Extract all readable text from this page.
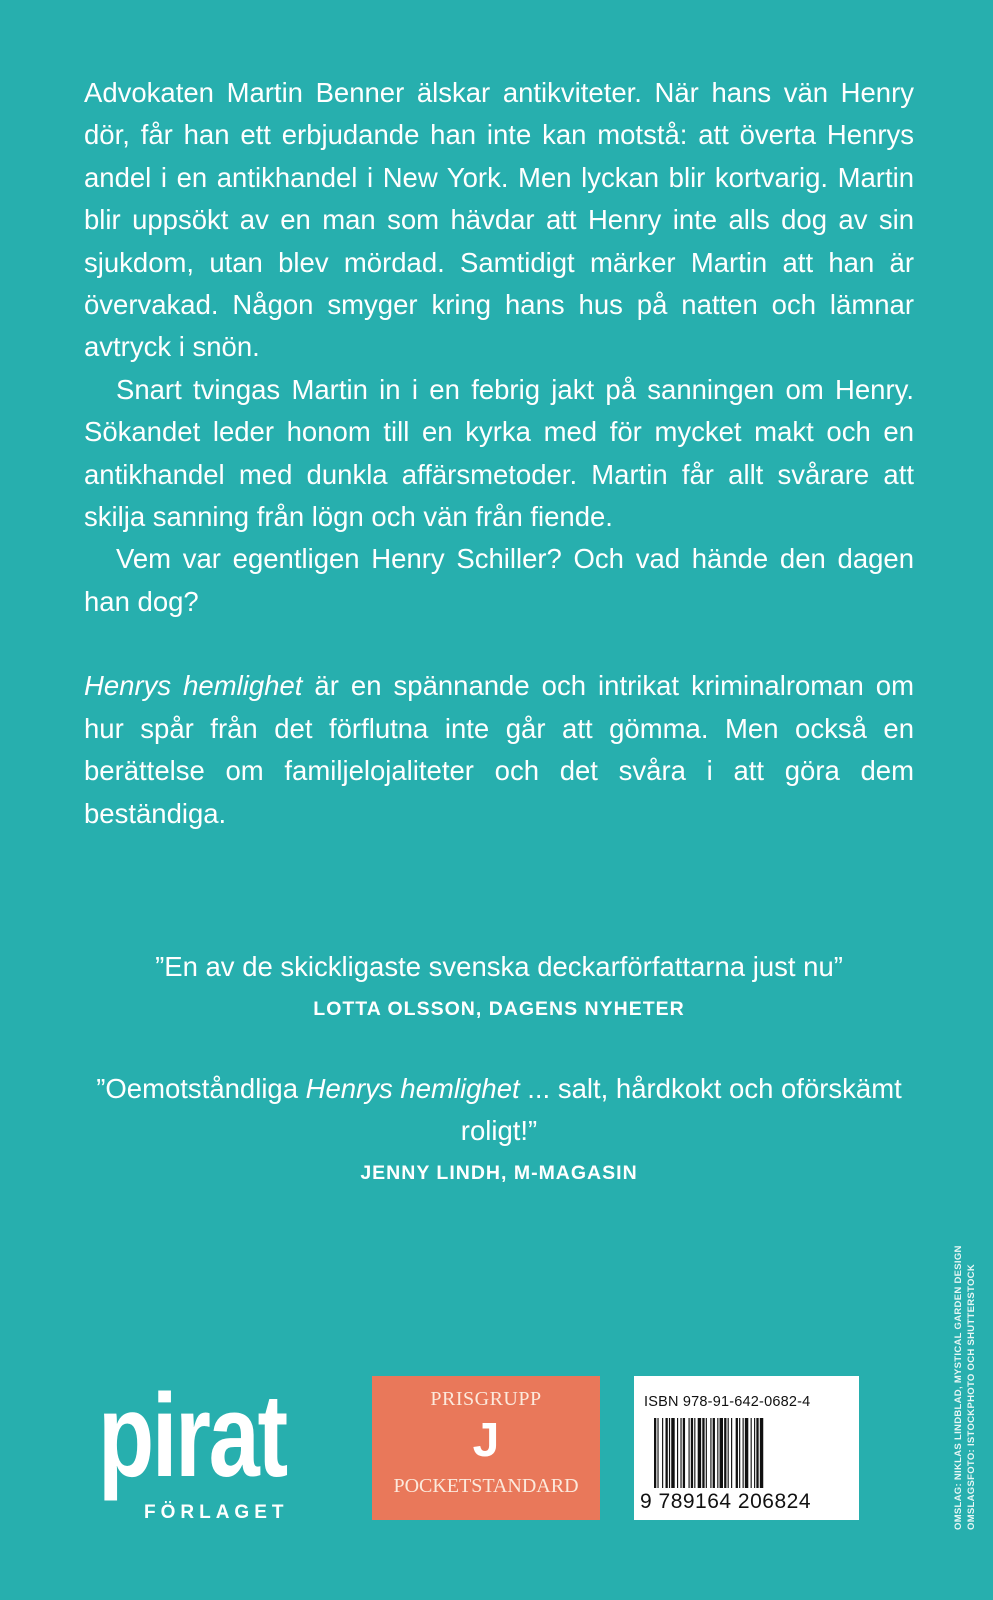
Advokaten Martin Benner älskar antikviteter. När hans vän Henry dör, får han ett erbjudande han inte kan motstå: att överta Henrys andel i en antikhandel i New York. Men lyckan blir kortvarig. Martin blir uppsökt av en man som hävdar att Henry inte alls dog av sin sjukdom, utan blev mördad. Samtidigt märker Martin att han är övervakad. Någon smyger kring hans hus på natten och lämnar avtryck i snön.

Snart tvingas Martin in i en febrig jakt på sanningen om Henry. Sökandet leder honom till en kyrka med för mycket makt och en antikhandel med dunkla affärsmetoder. Martin får allt svårare att skilja sanning från lögn och vän från fiende.

Vem var egentligen Henry Schiller? Och vad hände den dagen han dog?

Henrys hemlighet är en spännande och intrikat kriminalroman om hur spår från det förflutna inte går att gömma. Men också en berättelse om familjelojaliteter och det svåra i att göra dem beständiga.

”En av de skickligaste svenska deckarförfattarna just nu”
LOTTA OLSSON, DAGENS NYHETER
”Oemotståndliga Henrys hemlighet ... salt, hårdkokt och oförskämt roligt!”
JENNY LINDH, M-MAGASIN
pirat
FÖRLAGET
PRISGRUPP
J
POCKETSTANDARD
ISBN 978-91-642-0682-4
9 789164 206824	OMSLAG: NIKLAS LINDBLAD, MYSTICAL GARDEN DESIGN OMSLAGSFOTO: ISTOCKPHOTO OCH SHUTTERSTOCK
